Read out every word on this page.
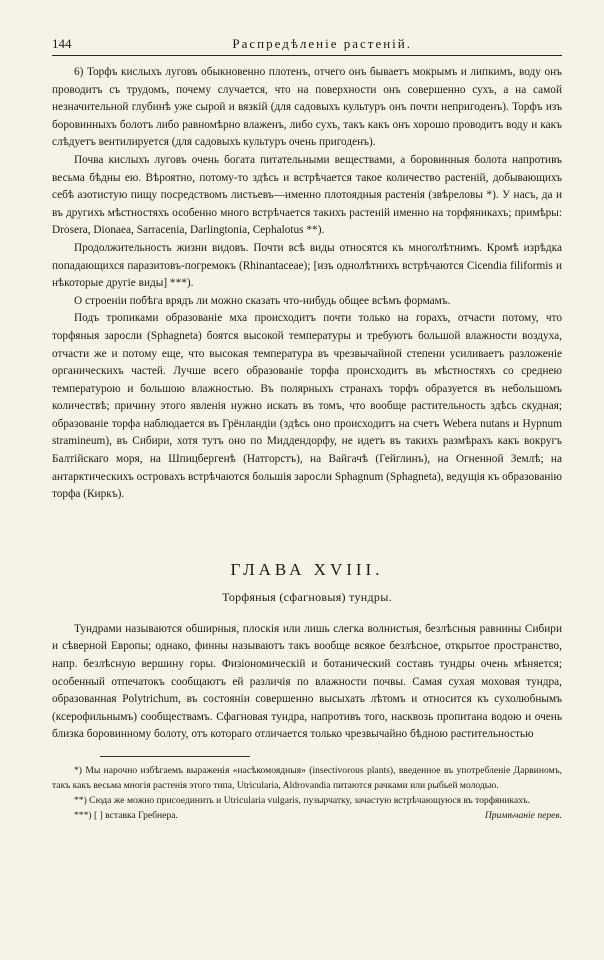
144	Распредѣленіе растеній.

6) Торфъ кислыхъ луговъ обыкновенно плотенъ, отчего онъ бываетъ мокрымъ и липкимъ, воду онъ проводитъ съ трудомъ, почему случается, что на поверхности онъ совершенно сухъ, а на самой незначительной глубинѣ уже сырой и вязкій (для садовыхъ культуръ онъ почти непригоденъ). Торфъ изъ боровинныхъ болотъ либо равномѣрно влаженъ, либо сухъ, такъ какъ онъ хорошо проводитъ воду и какъ слѣдуетъ вентилируется (для садовыхъ культуръ очень пригоденъ).

Почва кислыхъ луговъ очень богата питательными веществами, а боровинныя болота напротивъ весьма бѣдны ею. Вѣроятно, потому-то здѣсь и встрѣчается такое количество растеній, добывающихъ себѣ азотистую пищу посредствомъ листьевъ—именно плотоядныя растенія (звѣреловы *). У насъ, да и въ другихъ мѣстностяхъ особенно много встрѣчается такихъ растеній именно на торфяникахъ; примѣры: Drosera, Dionaea, Sarracenia, Darlingtonia, Cephalotus **).

Продолжительность жизни видовъ. Почти всѣ виды относятся къ многолѣтнимъ. Кромѣ изрѣдка попадающихся паразитовъ-погремокъ (Rhinantaceae); [изъ однолѣтнихъ встрѣчаются Cicendia filiformis и нѣкоторые другіе виды] ***).

О строеніи побѣга врядъ ли можно сказать что-нибудь общее всѣмъ формамъ.

Подъ тропиками образованіе мха происходитъ почти только на горахъ, отчасти потому, что торфяныя заросли (Sphagneta) боятся высокой температуры и требуютъ большой влажности воздуха, отчасти же и потому еще, что высокая температура въ чрезвычайной степени усиливаетъ разложеніе органическихъ частей. Лучше всего образованіе торфа происходитъ въ мѣстностяхъ со среднею температурою и большою влажностью. Въ полярныхъ странахъ торфъ образуется въ небольшомъ количествѣ; причину этого явленія нужно искать въ томъ, что вообще растительность здѣсь скудная; образованіе торфа наблюдается въ Грёнландіи (здѣсь оно происходитъ на счетъ Webera nutans и Hypnum stramineum), въ Сибири, хотя тутъ оно по Миддендорфу, не идетъ въ такихъ размѣрахъ какъ вокругъ Балтійскаго моря, на Шпицбергенѣ (Натгорстъ), на Вайгачѣ (Гейглинъ), на Огненной Землѣ; на антарктическихъ островахъ встрѣчаются большія заросли Sphagnum (Sphagneta), ведущія къ образованію торфа (Киркъ).

ГЛАВА XVIII.
Торфяныя (сфагновыя) тундры.

Тундрами называются обширныя, плоскія или лишь слегка волнистыя, безлѣсныя равнины Сибири и сѣверной Европы; однако, финны называютъ такъ вообще всякое безлѣсное, открытое пространство, напр. безлѣсную вершину горы. Физіономическій и ботанический составъ тундры очень мѣняется; особенный отпечатокъ сообщаютъ ей различія по влажности почвы. Самая сухая моховая тундра, образованная Polytrichum, въ состояніи совершенно высыхать лѣтомъ и относится къ сухолюбнымъ (ксерофильнымъ) сообществамъ. Сфагновая тундра, напротивъ того, насквозь пропитана водою и очень близка боровинному болоту, отъ котораго отличается только чрезвычайно бѣдною растительностью

*) Мы нарочно избѣгаемъ выраженія «насѣкомоядныя» (insectivorous plants), введенное въ употребленіе Дарвиномъ, такъ какъ весьма многія растенія этого типа, Utricularia, Aldrovandia питаются рачками или рыбьей молодью.

**) Сюда же можно присоединить и Utricularia vulgaris, пузырчатку, зачастую встрѣчающуюся въ торфяникахъ.
Примѣчаніе перев.

***) [ ] вставка Гребнера.
